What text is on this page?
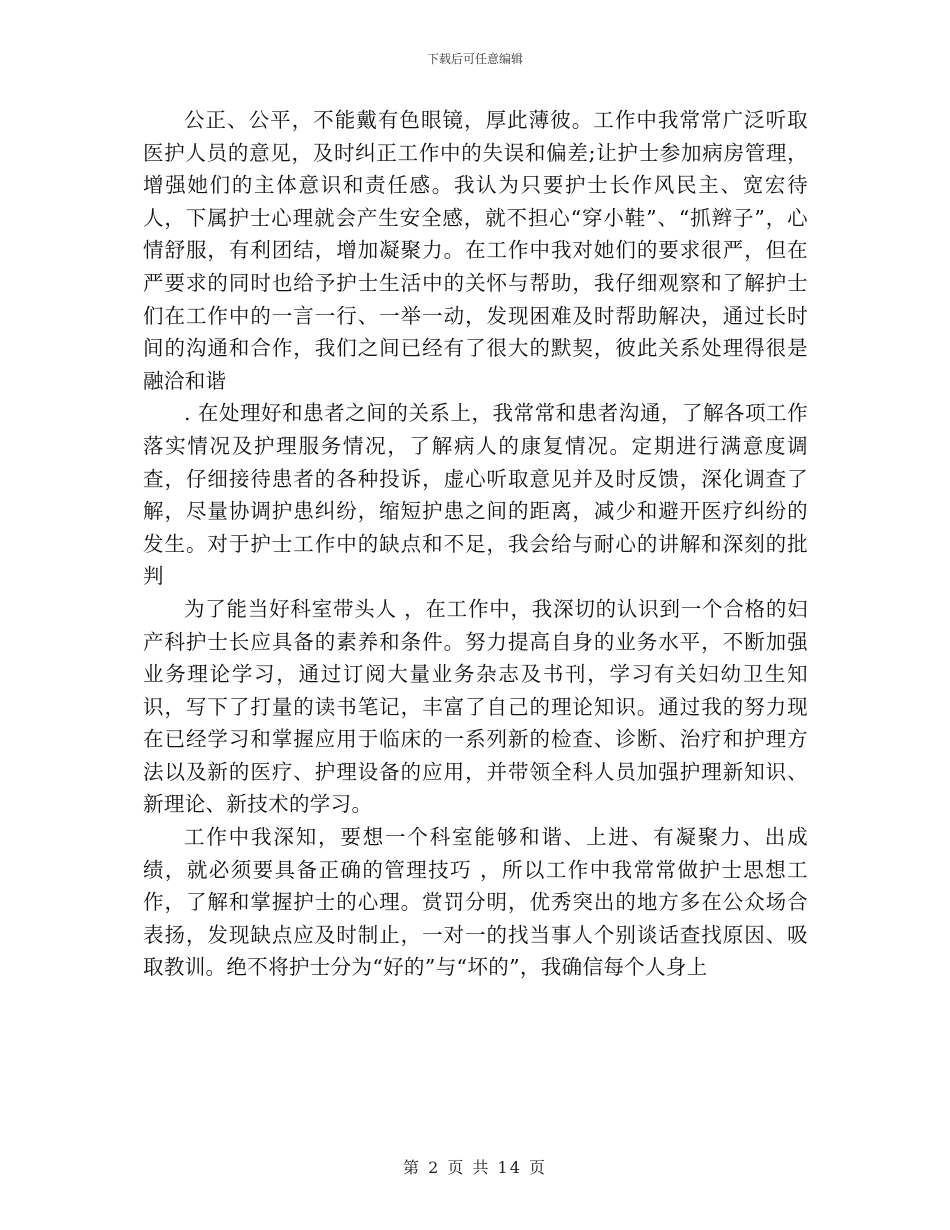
下载后可任意编辑

公正、公平，不能戴有色眼镜，厚此薄彼。工作中我常常广泛听取医护人员的意见，及时纠正工作中的失误和偏差;让护士参加病房管理，增强她们的主体意识和责任感。我认为只要护士长作风民主、宽宏待人，下属护士心理就会产生安全感，就不担心“穿小鞋”、“抓辫子”，心情舒服，有利团结，增加凝聚力。在工作中我对她们的要求很严，但在严要求的同时也给予护士生活中的关怀与帮助，我仔细观察和了解护士们在工作中的一言一行、一举一动，发现困难及时帮助解决，通过长时间的沟通和合作，我们之间已经有了很大的默契，彼此关系处理得很是融洽和谐

. 在处理好和患者之间的关系上，我常常和患者沟通，了解各项工作落实情况及护理服务情况，了解病人的康复情况。定期进行满意度调查，仔细接待患者的各种投诉，虚心听取意见并及时反馈，深化调查了解，尽量协调护患纠纷，缩短护患之间的距离，减少和避开医疗纠纷的发生。对于护士工作中的缺点和不足，我会给与耐心的讲解和深刻的批判

为了能当好科室带头人 ，在工作中，我深切的认识到一个合格的妇产科护士长应具备的素养和条件。努力提高自身的业务水平，不断加强业务理论学习，通过订阅大量业务杂志及书刊，学习有关妇幼卫生知识，写下了打量的读书笔记，丰富了自己的理论知识。通过我的努力现在已经学习和掌握应用于临床的一系列新的检查、诊断、治疗和护理方法以及新的医疗、护理设备的应用，并带领全科人员加强护理新知识、新理论、新技术的学习。

工作中我深知，要想一个科室能够和谐、上进、有凝聚力、出成绩，就必须要具备正确的管理技巧 ，所以工作中我常常做护士思想工作，了解和掌握护士的心理。赏罚分明，优秀突出的地方多在公众场合表扬，发现缺点应及时制止，一对一的找当事人个别谈话查找原因、吸取教训。绝不将护士分为“好的”与“坏的”，我确信每个人身上

第 2 页 共 14 页
